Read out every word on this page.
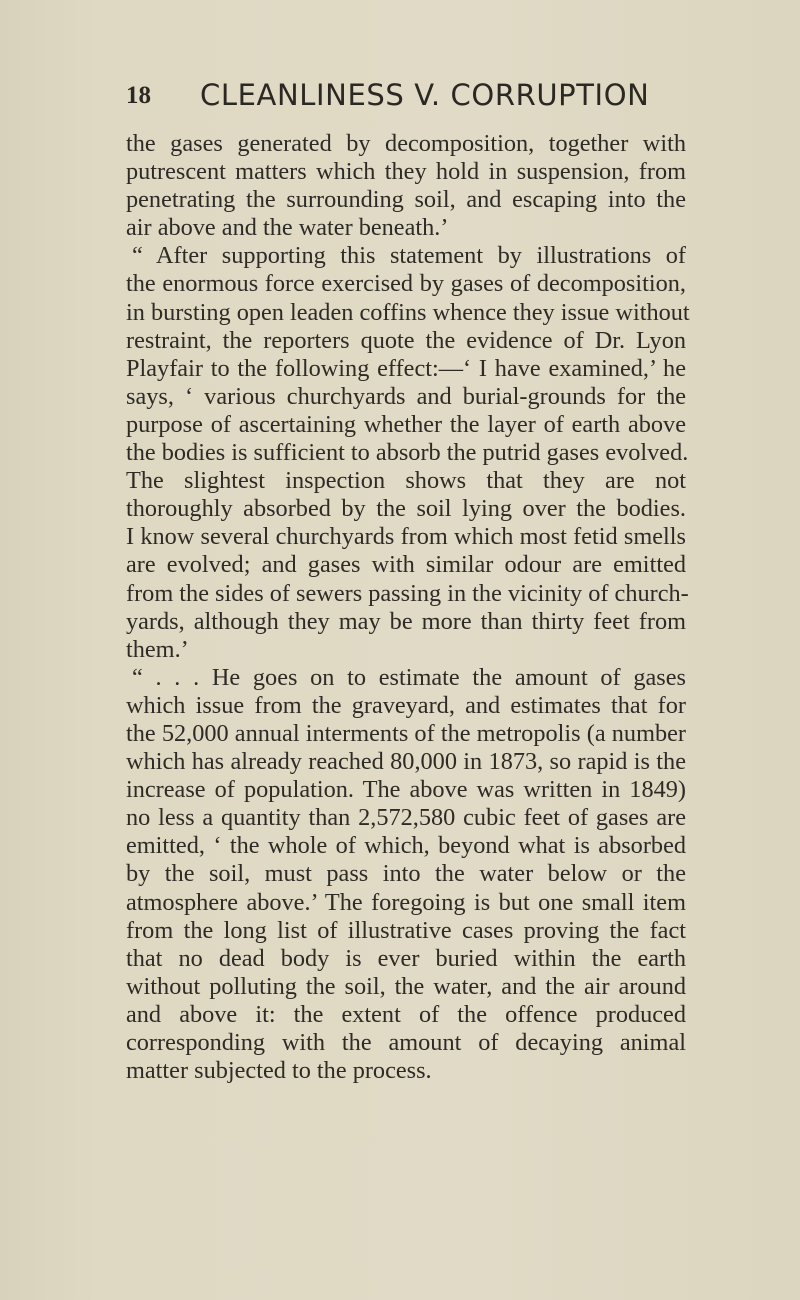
18 CLEANLINESS V. CORRUPTION
the gases generated by decomposition, together with
putrescent matters which they hold in suspension, from
penetrating the surrounding soil, and escaping into the
air above and the water beneath.’
“ After supporting this statement by illustrations of
the enormous force exercised by gases of decomposition,
in bursting open leaden coffins whence they issue without
restraint, the reporters quote the evidence of Dr. Lyon
Playfair to the following effect:—‘ I have examined,’ he
says, ‘ various churchyards and burial-grounds for the
purpose of ascertaining whether the layer of earth above
the bodies is sufficient to absorb the putrid gases evolved.
The slightest inspection shows that they are not
thoroughly absorbed by the soil lying over the bodies.
I know several churchyards from which most fetid smells
are evolved; and gases with similar odour are emitted
from the sides of sewers passing in the vicinity of church-
yards, although they may be more than thirty feet from
them.’
“ . . . He goes on to estimate the amount of gases
which issue from the graveyard, and estimates that for
the 52,000 annual interments of the metropolis (a number
which has already reached 80,000 in 1873, so rapid is the
increase of population. The above was written in 1849)
no less a quantity than 2,572,580 cubic feet of gases are
emitted, ‘ the whole of which, beyond what is absorbed
by the soil, must pass into the water below or the
atmosphere above.’ The foregoing is but one small item
from the long list of illustrative cases proving the fact
that no dead body is ever buried within the earth
without polluting the soil, the water, and the air around
and above it: the extent of the offence produced
corresponding with the amount of decaying animal
matter subjected to the process.
